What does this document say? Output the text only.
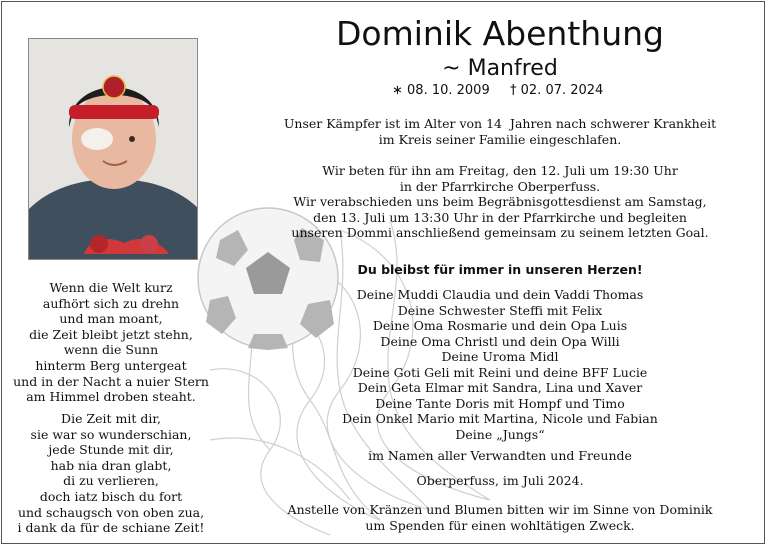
Dominik Abenthung
~ Manfred
∗ 08. 10. 2009 † 02. 07. 2024
Unser Kämpfer ist im Alter von 14  Jahren nach schwerer Krankheit
im Kreis seiner Familie eingeschlafen.
Wir beten für ihn am Freitag, den 12. Juli um 19:30 Uhr
in der Pfarrkirche Oberperfuss.
Wir verabschieden uns beim Begräbnisgottesdienst am Samstag,
den 13. Juli um 13:30 Uhr in der Pfarrkirche und begleiten
unseren Dommi anschließend gemeinsam zu seinem letzten Goal.
Du bleibst für immer in unseren Herzen!
Deine Muddi Claudia und dein Vaddi Thomas
Deine Schwester Steffi mit Felix
Deine Oma Rosmarie und dein Opa Luis
Deine Oma Christl und dein Opa Willi
Deine Uroma Midl
Deine Goti Geli mit Reini und deine BFF Lucie
Dein Geta Elmar mit Sandra, Lina und Xaver
Deine Tante Doris mit Hompf und Timo
Dein Onkel Mario mit Martina, Nicole und Fabian
Deine „Jungs“
im Namen aller Verwandten und Freunde
Oberperfuss, im Juli 2024.
Anstelle von Kränzen und Blumen bitten wir im Sinne von Dominik
um Spenden für einen wohltätigen Zweck.
Wenn die Welt kurz
aufhört sich zu drehn
und man moant,
die Zeit bleibt jetzt stehn,
wenn die Sunn
hinterm Berg untergeat
und in der Nacht a nuier Stern
am Himmel droben steaht.
Die Zeit mit dir,
sie war so wunderschian,
jede Stunde mit dir,
hab nia dran glabt,
di zu verlieren,
doch iatz bisch du fort
und schaugsch von oben zua,
i dank da für de schiane Zeit!
